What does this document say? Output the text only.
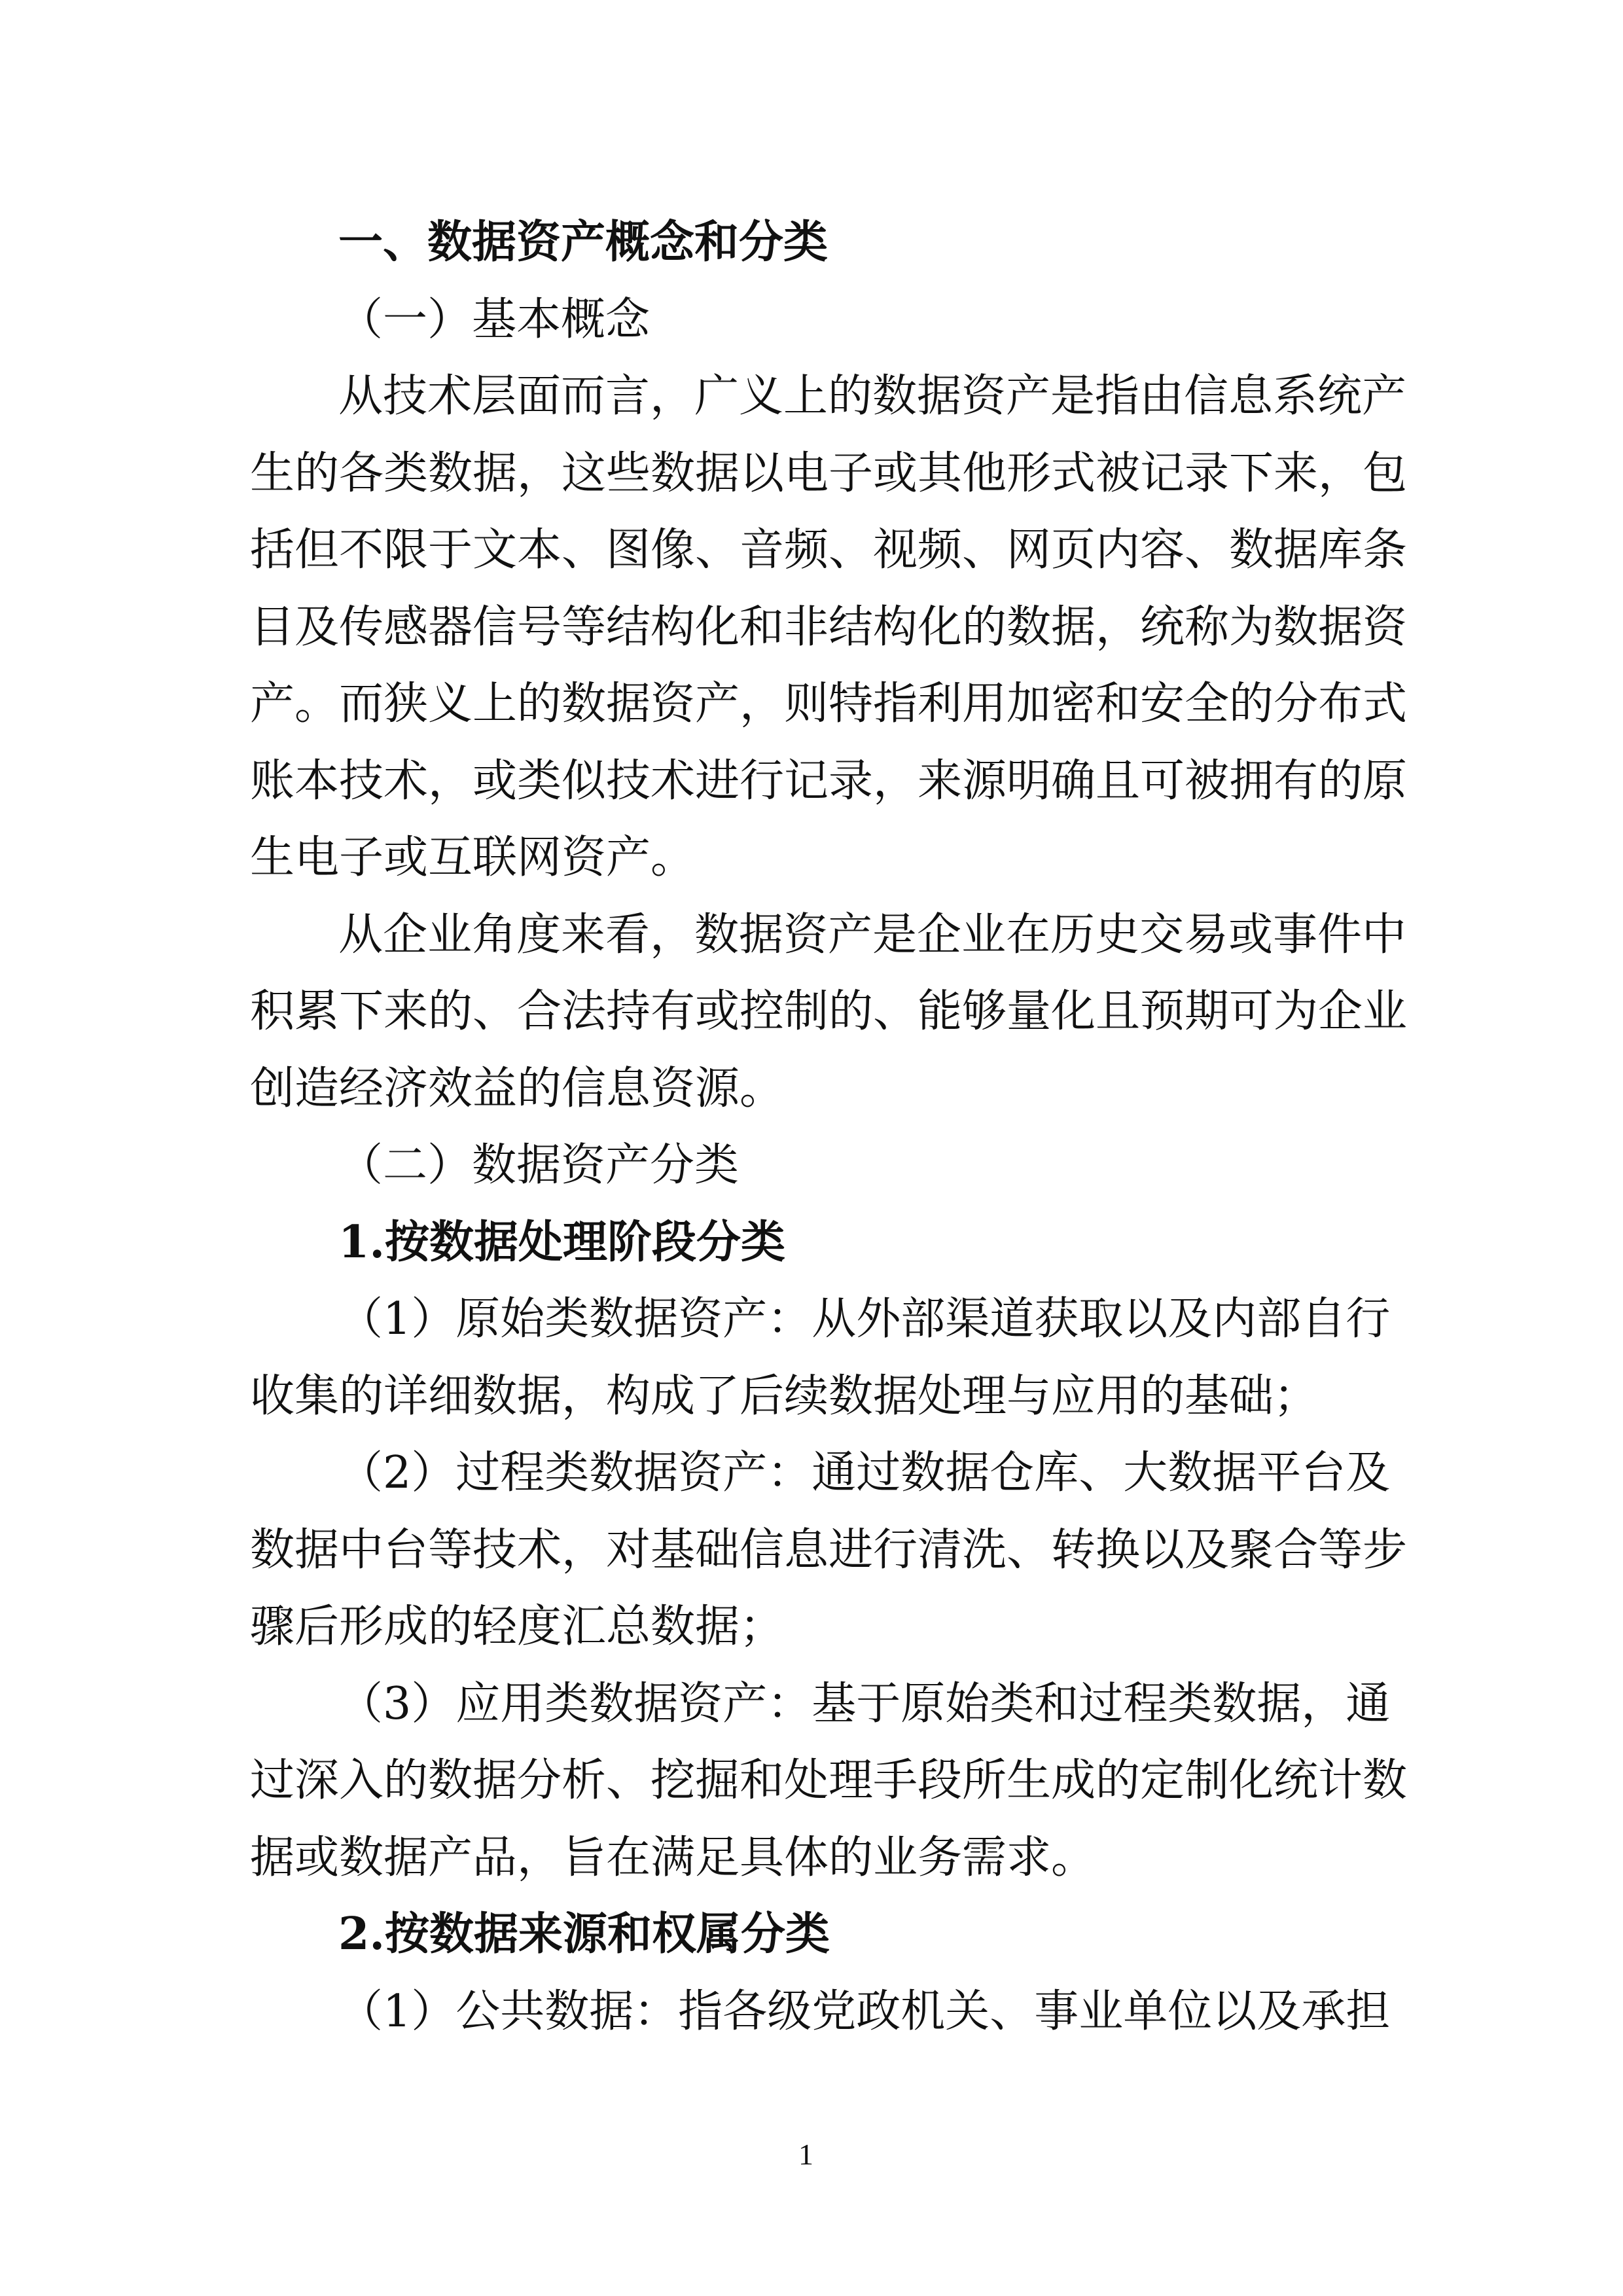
一、数据资产概念和分类
（一）基本概念
从技术层面而言，广义上的数据资产是指由信息系统产
生的各类数据，这些数据以电子或其他形式被记录下来，包
括但不限于文本、图像、音频、视频、网页内容、数据库条
目及传感器信号等结构化和非结构化的数据，统称为数据资
产。而狭义上的数据资产，则特指利用加密和安全的分布式
账本技术，或类似技术进行记录，来源明确且可被拥有的原
生电子或互联网资产。
从企业角度来看，数据资产是企业在历史交易或事件中
积累下来的、合法持有或控制的、能够量化且预期可为企业
创造经济效益的信息资源。
（二）数据资产分类
1.按数据处理阶段分类
（1）原始类数据资产：从外部渠道获取以及内部自行
收集的详细数据，构成了后续数据处理与应用的基础；
（2）过程类数据资产：通过数据仓库、大数据平台及
数据中台等技术，对基础信息进行清洗、转换以及聚合等步
骤后形成的轻度汇总数据；
（3）应用类数据资产：基于原始类和过程类数据，通
过深入的数据分析、挖掘和处理手段所生成的定制化统计数
据或数据产品，旨在满足具体的业务需求。
2.按数据来源和权属分类
（1）公共数据：指各级党政机关、事业单位以及承担
1
